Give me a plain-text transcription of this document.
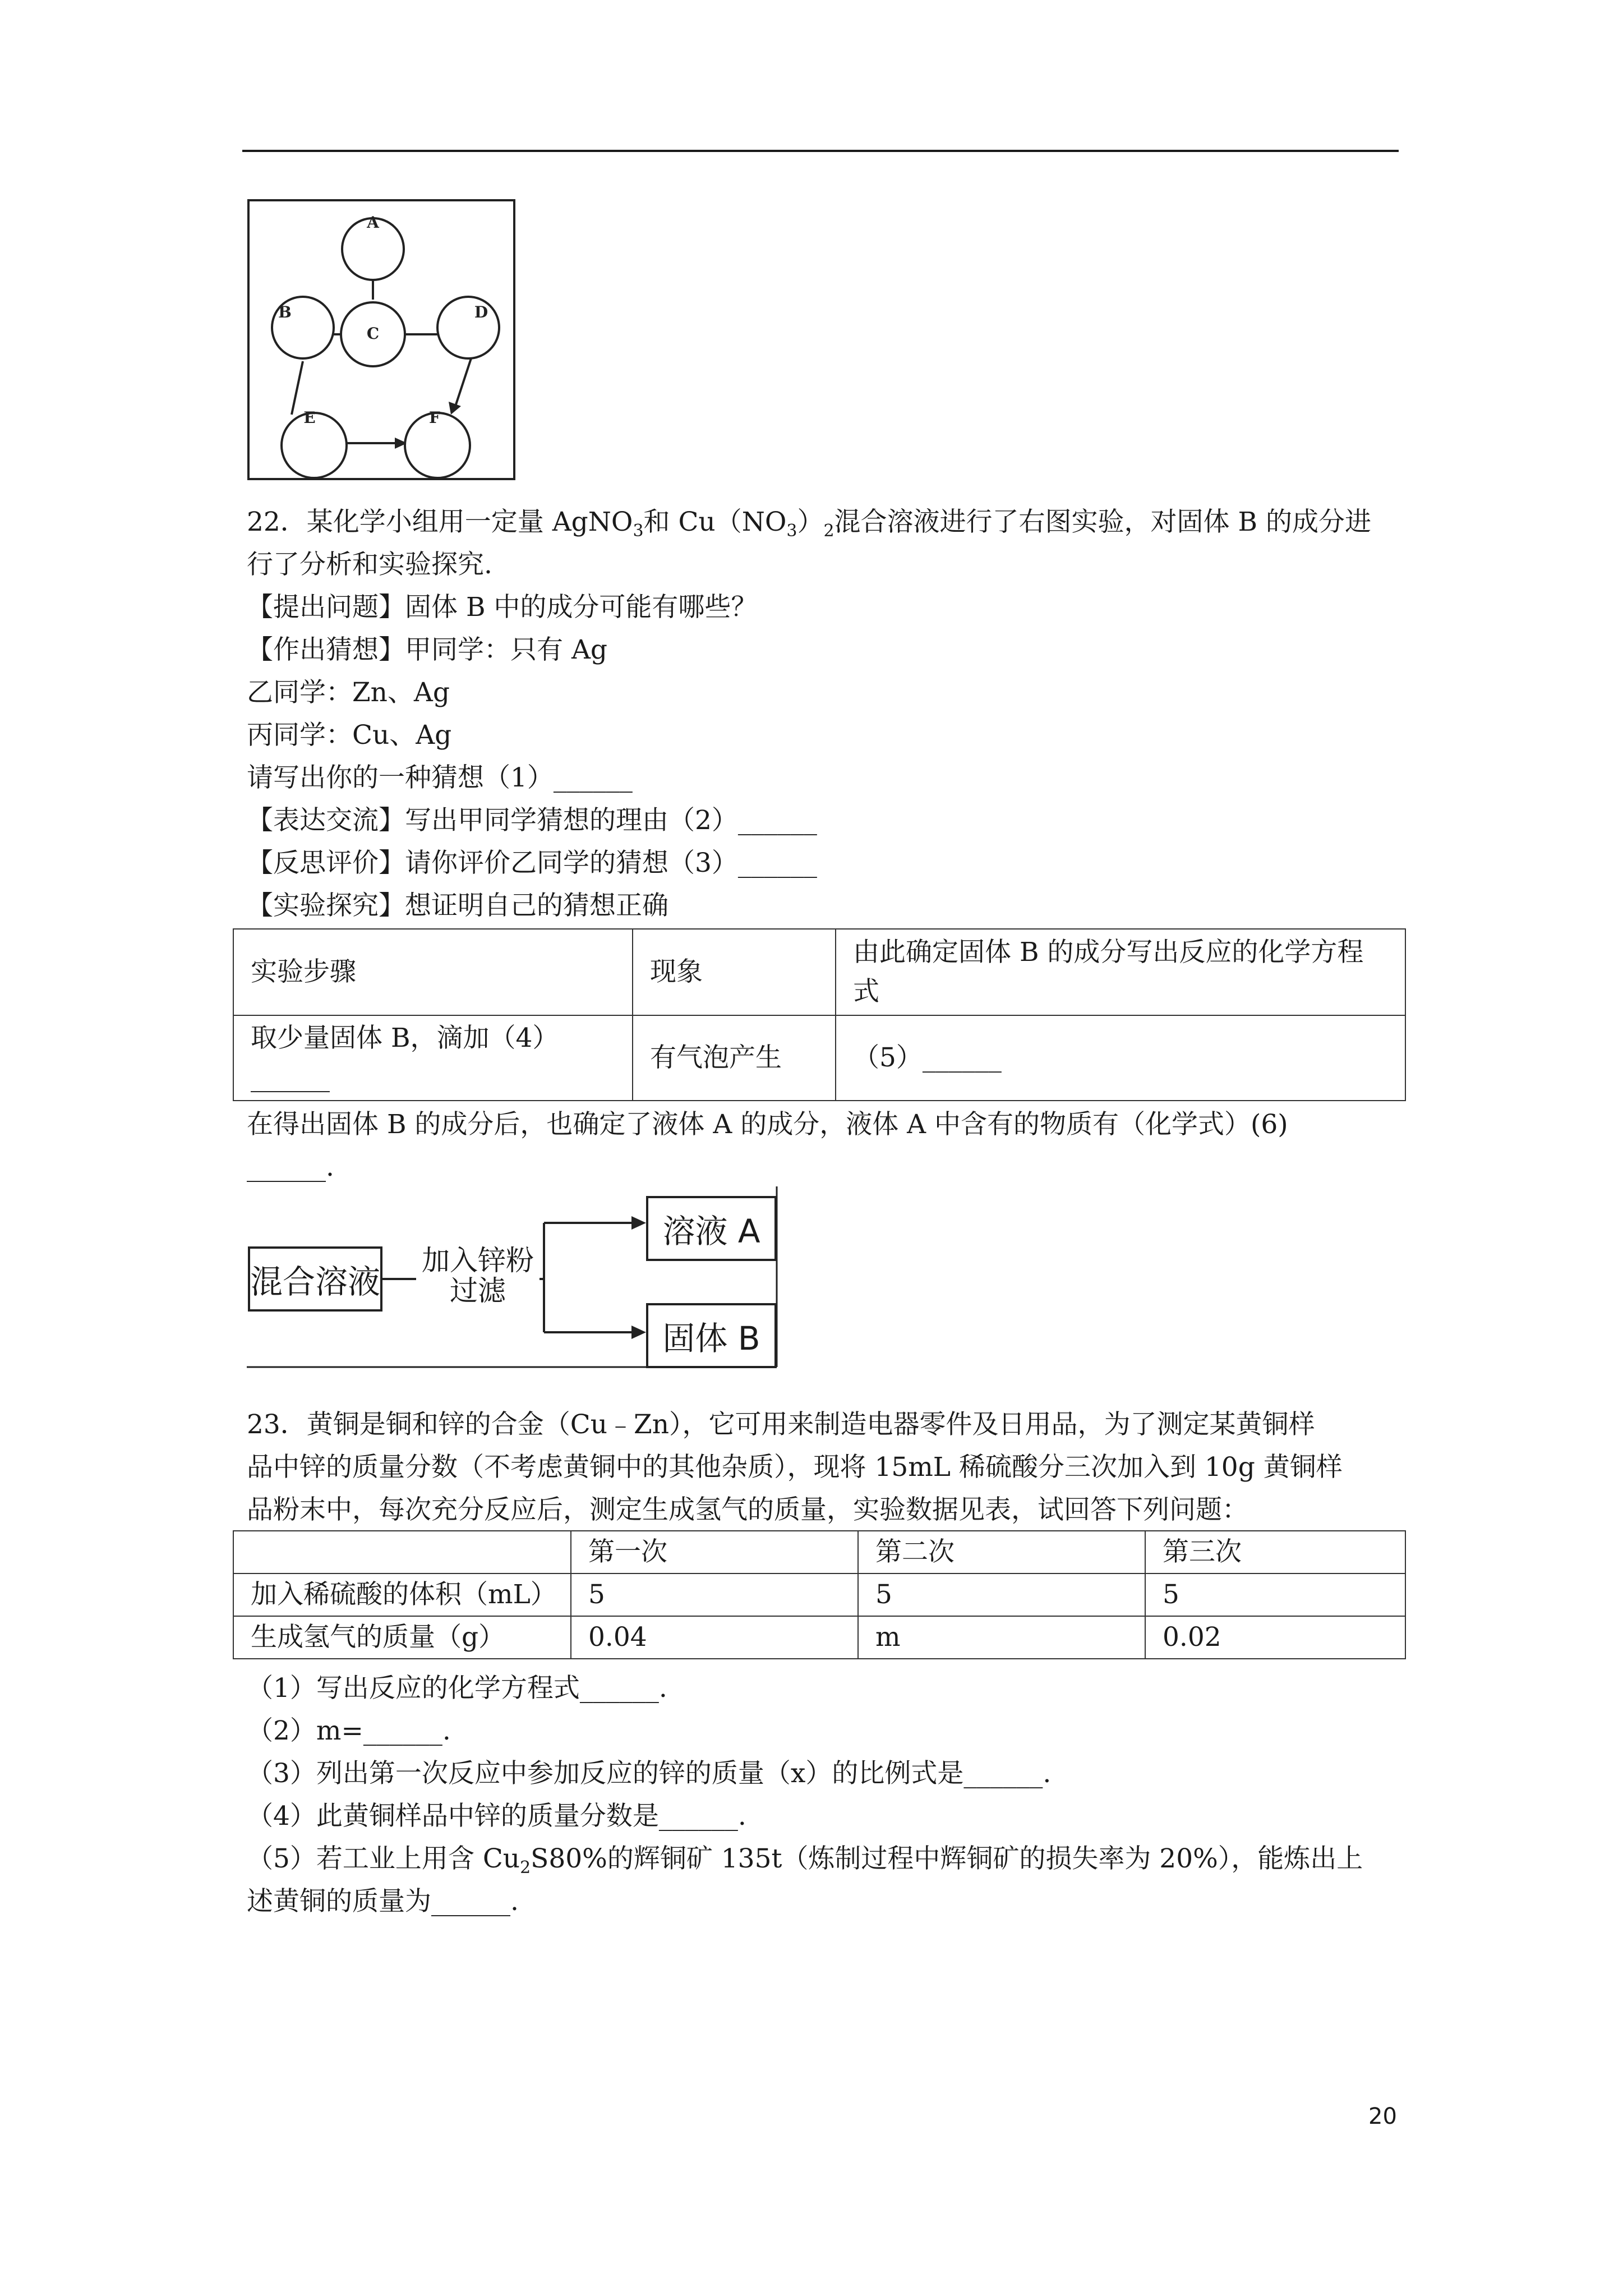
A
B
C
D
E	F
22．某化学小组用一定量 AgNO$_3$和 $Cu(NO_3)_2$混合溶液进行了右图实验，对固体 B 的成分进
行了分析和实验探究.
【提出问题】固体 B 中的成分可能有哪些？
【作出猜想】甲同学：只有 Ag
乙同学：Zn、Ag
丙同学：Cu、Ag
请写出你的一种猜想（1）______
【表达交流】写出甲同学猜想的理由（2）______
【反思评价】请你评价乙同学的猜想（3）______
【实验探究】想证明自己的猜想正确
实验步骤	现象	由此确定固体 B 的成分写出反应的化学方程
式

取少量固体 B，滴加（4）
______	有气泡产生	（5）______
在得出固体 B 的成分后，也确定了液体 A 的成分，液体 A 中含有的物质有（化学式）(6)
______.
混合溶液
加入锌粉
过滤
溶液 A
固体 B
23．黄铜是铜和锌的合金（Cu﹣Zn），它可用来制造电器零件及日用品，为了测定某黄铜样
品中锌的质量分数（不考虑黄铜中的其他杂质），现将 15mL 稀硫酸分三次加入到 10g 黄铜样
品粉末中，每次充分反应后，测定生成氢气的质量，实验数据见表，试回答下列问题：
	第一次	第二次	第三次
加入稀硫酸的体积（mL）	5	5	5
生成氢气的质量（g）	0.04	m	0.02
（1）写出反应的化学方程式______.
（2）m=______.
（3）列出第一次反应中参加反应的锌的质量（x）的比例式是______.
（4）此黄铜样品中锌的质量分数是______.
（5）若工业上用含 $Cu_2S80\%$的辉铜矿 135t（炼制过程中辉铜矿的损失率为 20%），能炼出上
述黄铜的质量为______.
20
